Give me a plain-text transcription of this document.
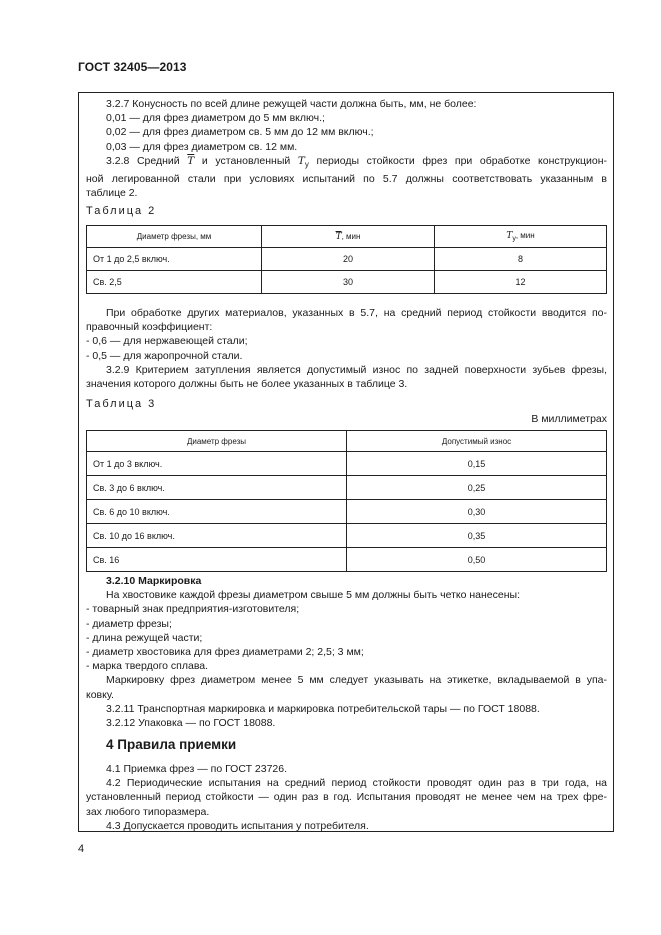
ГОСТ 32405—2013

3.2.7 Конусность по всей длине режущей части должна быть, мм, не более:

0,01 — для фрез диаметром до 5 мм включ.;

0,02 — для фрез диаметром св. 5 мм до 12 мм включ.;

0,03 — для фрез диаметром св. 12 мм.

3.2.8 Средний $\overline{T}$ и установленный $T_у$ периоды стойкости фрез при обработке конструкцион-

ной легированной стали при условиях испытаний по 5.7 должны соответствовать указанным в

таблице 2.

Таблица 2
Диаметр фрезы, мм	$\overline{T}$, мин	$T_у$, мин
От 1 до 2,5 включ.	20	8
Св. 2,5	30	12

При обработке других материалов, указанных в 5.7, на средний период стойкости вводится по-

правочный коэффициент:

- 0,6 — для нержавеющей стали;

- 0,5 — для жаропрочной стали.

3.2.9 Критерием затупления является допустимый износ по задней поверхности зубьев фрезы,

значения которого должны быть не более указанных в таблице 3.

Таблица 3
В миллиметрах
Диаметр фрезы	Допустимый износ
От 1 до 3 включ.	0,15
Св. 3 до 6 включ.	0,25
Св. 6 до 10 включ.	0,30
Св. 10 до 16 включ.	0,35
Св. 16	0,50

3.2.10 Маркировка

На хвостовике каждой фрезы диаметром свыше 5 мм должны быть четко нанесены:

- товарный знак предприятия-изготовителя;

- диаметр фрезы;

- длина режущей части;

- диаметр хвостовика для фрез диаметрами 2; 2,5; 3 мм;

- марка твердого сплава.

Маркировку фрез диаметром менее 5 мм следует указывать на этикетке, вкладываемой в упа-

ковку.

3.2.11 Транспортная маркировка и маркировка потребительской тары — по ГОСТ 18088.

3.2.12 Упаковка — по ГОСТ 18088.

4 Правила приемки

4.1 Приемка фрез — по ГОСТ 23726.

4.2 Периодические испытания на средний период стойкости проводят один раз в три года, на

установленный период стойкости — один раз в год. Испытания проводят не менее чем на трех фре-

зах любого типоразмера.

4.3 Допускается проводить испытания у потребителя.

4
